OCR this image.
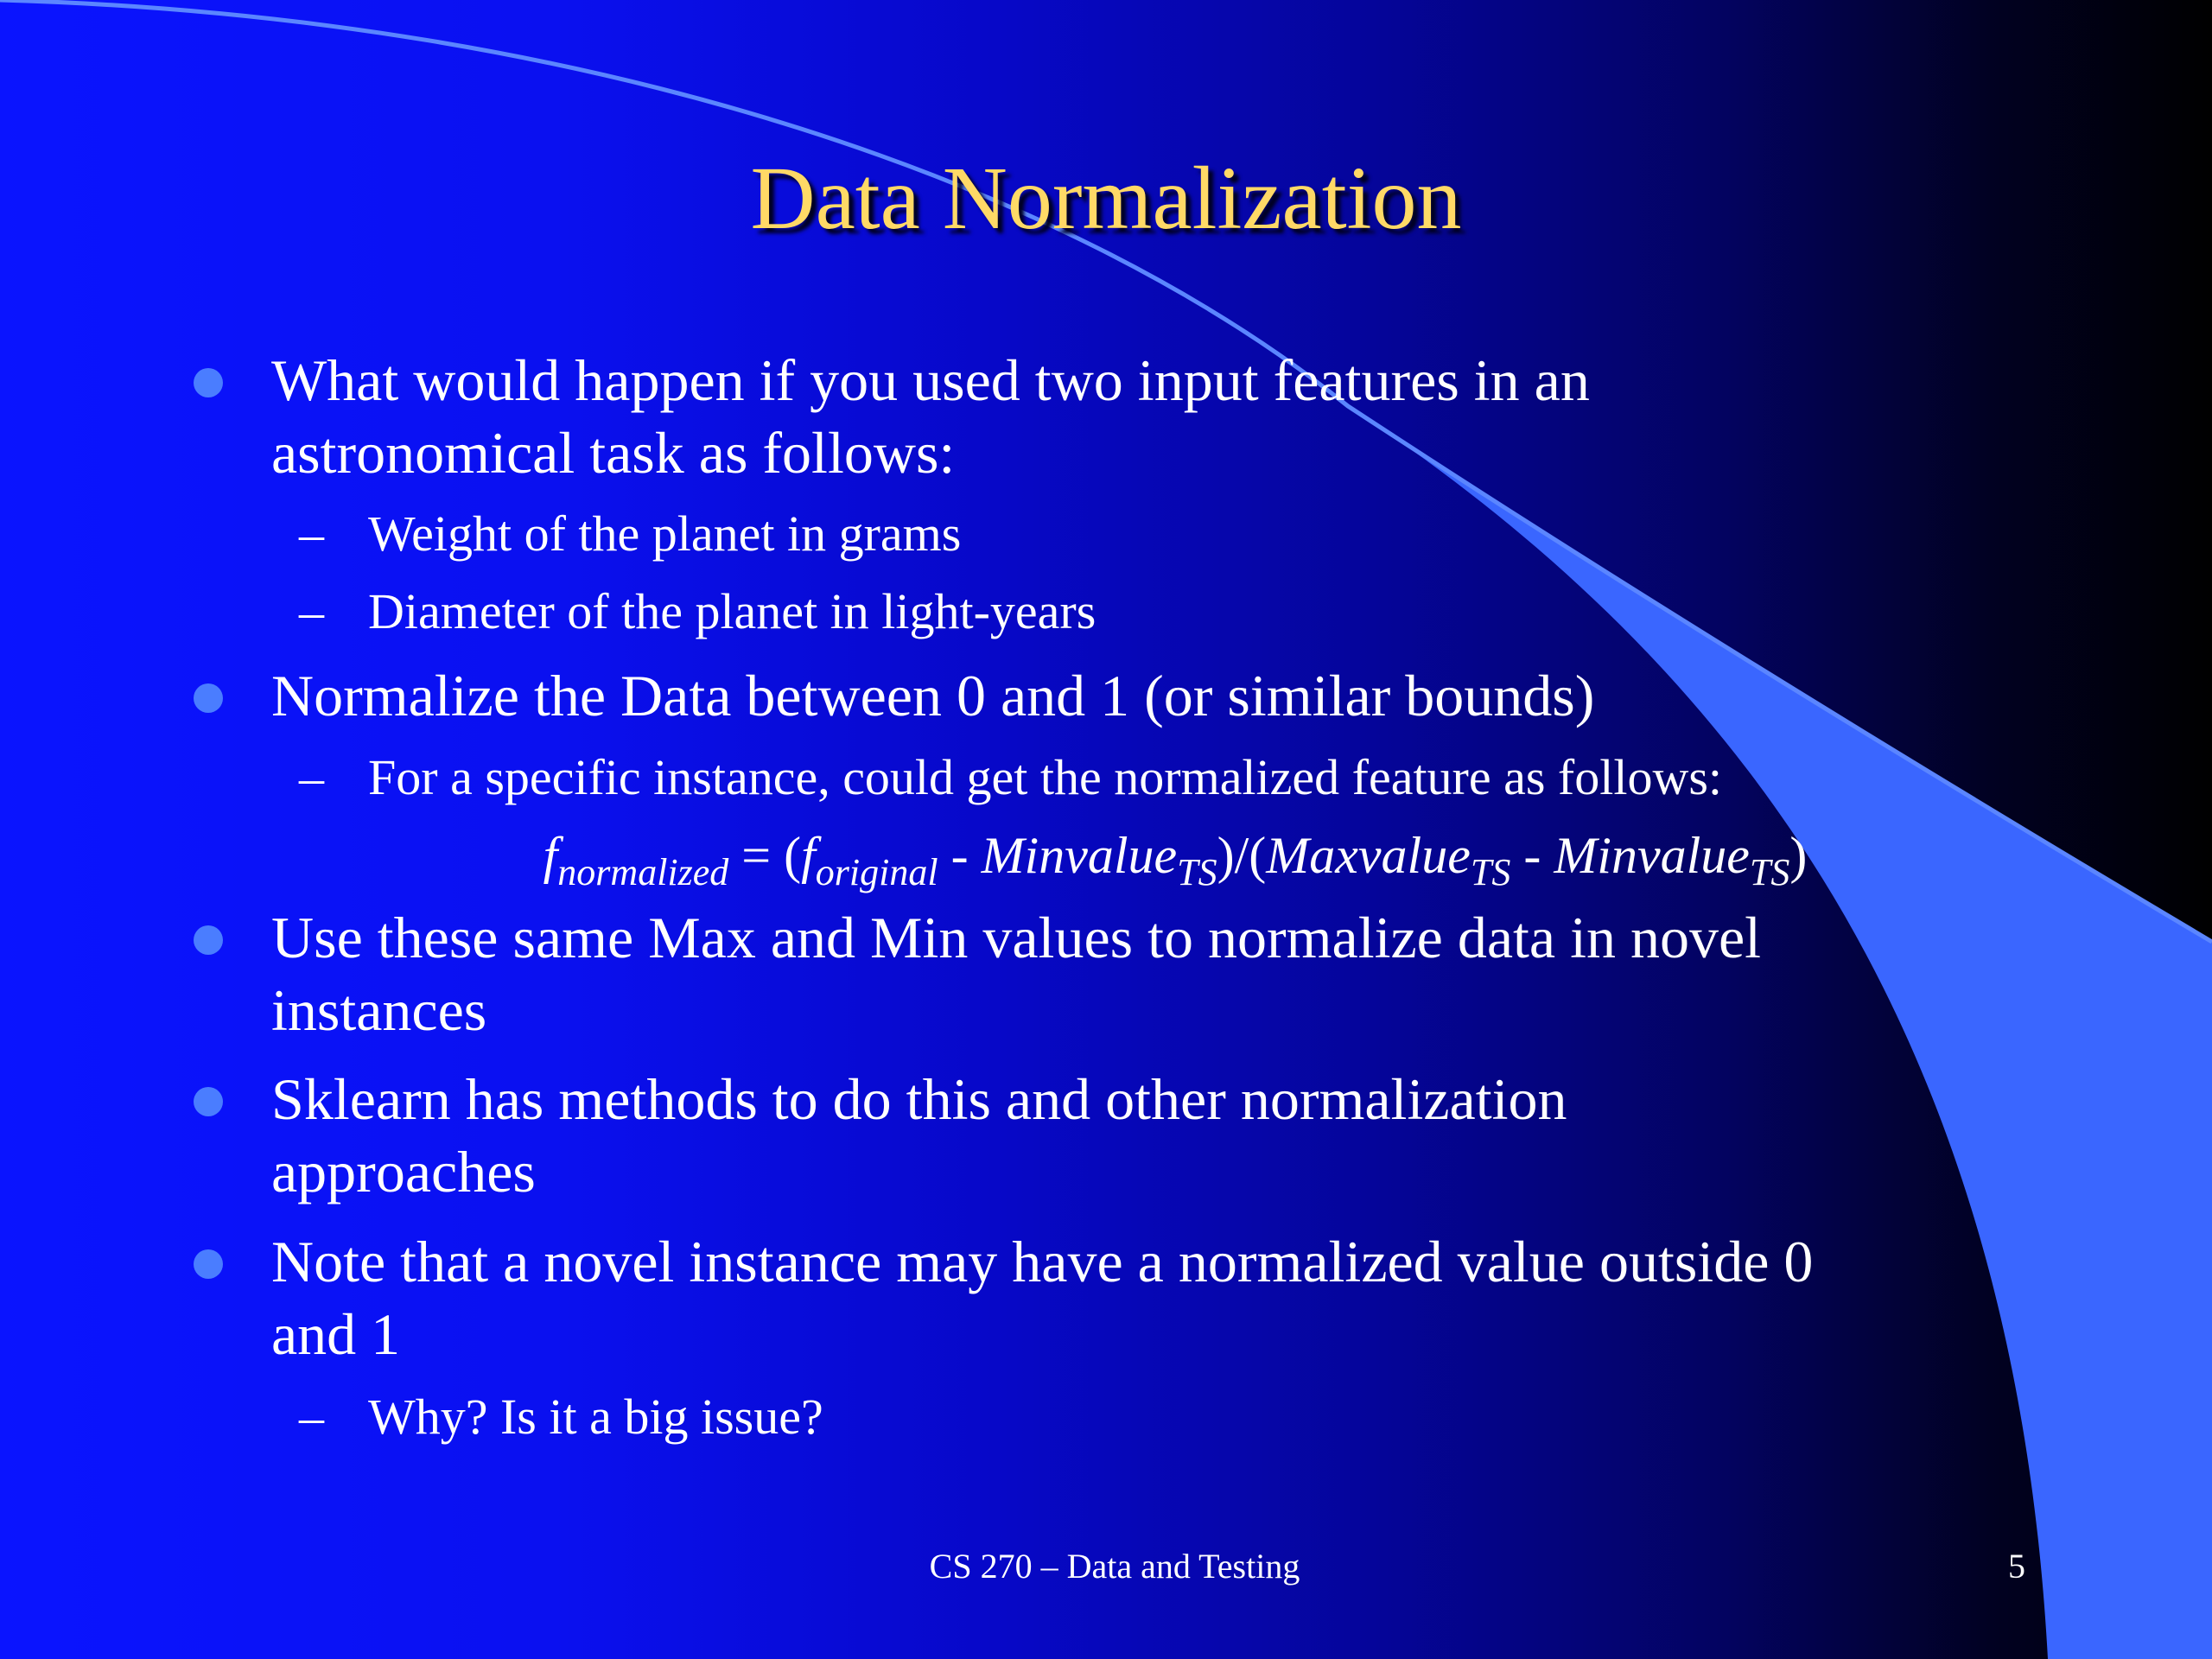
Data Normalization
What would happen if you used two input features in an
astronomical task as follows:
– Weight of the planet in grams
– Diameter of the planet in light-years
Normalize the Data between 0 and 1 (or similar bounds)
– For a specific instance, could get the normalized feature as follows:
$f_{normalized} = (f_{original}$ - Minvalue$_{TS}$)/(Maxvalue$_{TS}$ - Minvalue$_{TS}$)
Use these same Max and Min values to normalize data in novel
instances
Sklearn has methods to do this and other normalization
approaches
Note that a novel instance may have a normalized value outside 0
and 1
– Why? Is it a big issue?
CS 270 – Data and Testing	5
